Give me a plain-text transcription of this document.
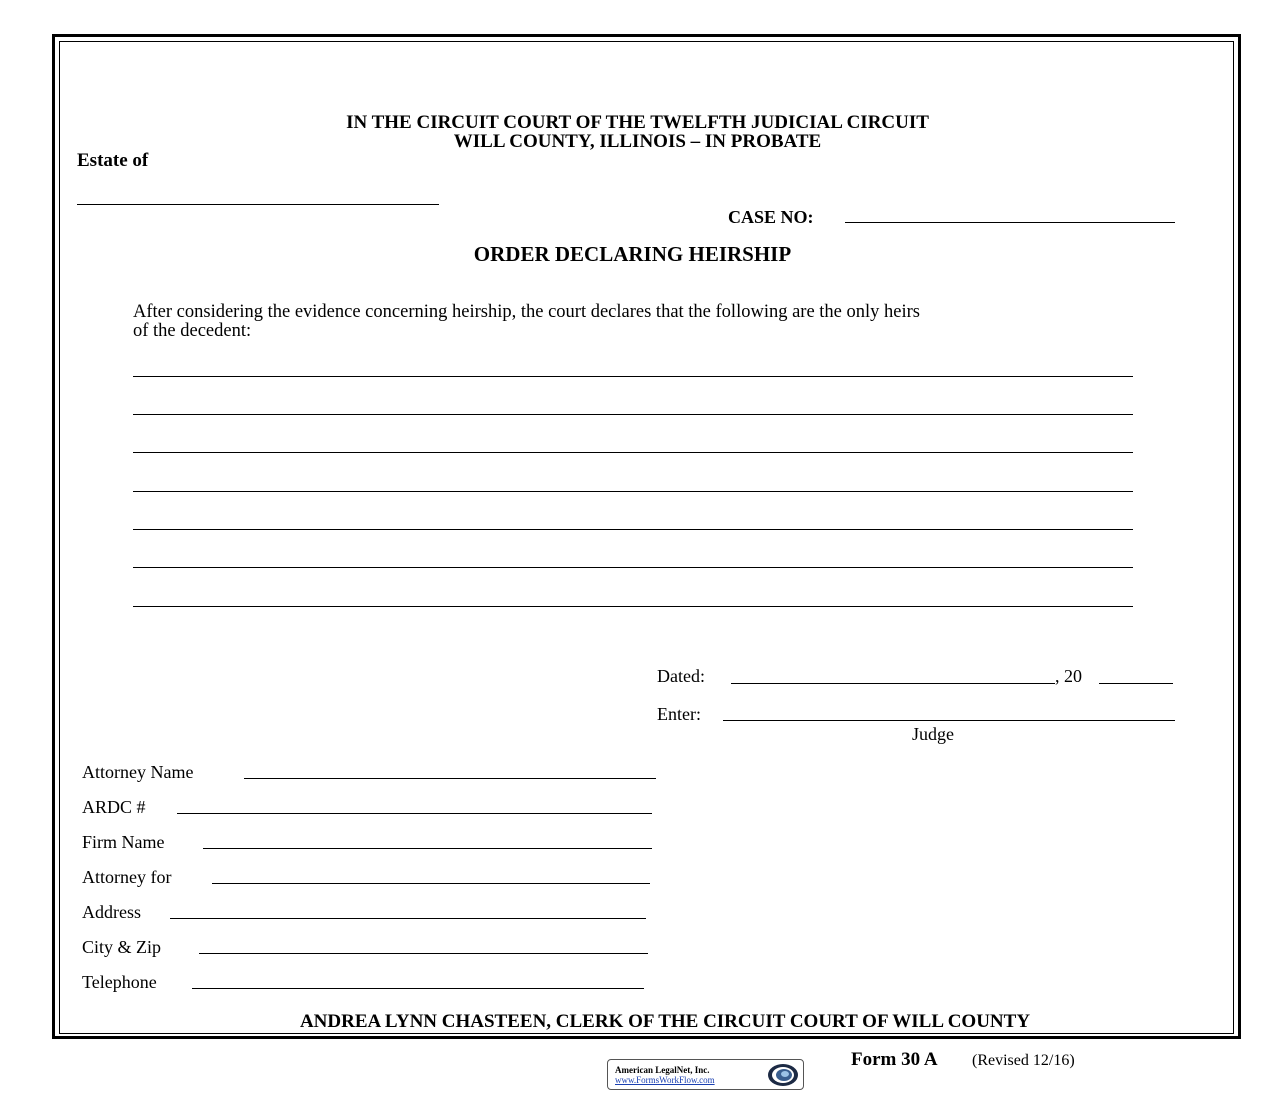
IN THE CIRCUIT COURT OF THE TWELFTH JUDICIAL CIRCUIT
WILL COUNTY, ILLINOIS – IN PROBATE
Estate of
CASE NO:
ORDER DECLARING HEIRSHIP
After considering the evidence concerning heirship, the court declares that the following are the only heirs
of the decedent:
Dated:	, 20
Enter:
Judge
Attorney Name
ARDC #
Firm Name
Attorney for
Address
City & Zip
Telephone
ANDREA LYNN CHASTEEN, CLERK OF THE CIRCUIT COURT OF WILL COUNTY
Form 30 A (Revised 12/16)
American LegalNet, Inc.
www.FormsWorkFlow.com
